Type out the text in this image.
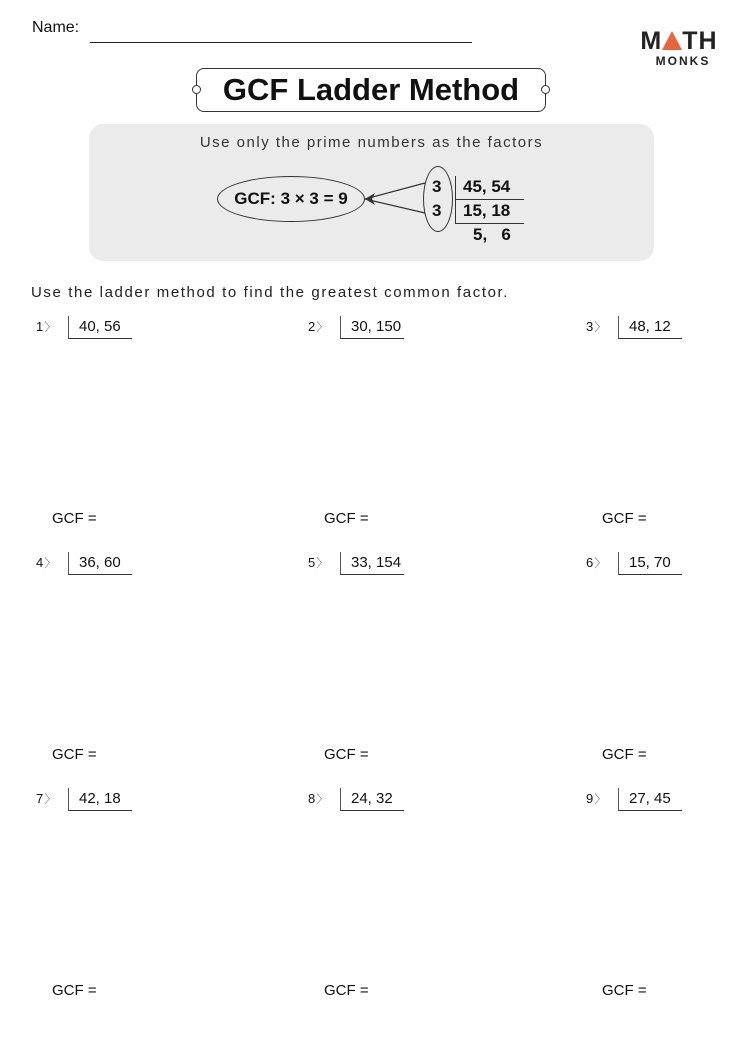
Name:	M TH
MONKS
GCF Ladder Method
Use only the prime numbers as the factors
GCF: 3 × 3 = 9
3
3
45, 54
15, 18
5,   6
Use the ladder method to find the greatest common factor.
1〉	40, 56
GCF =
2〉	30, 150
GCF =
3〉	48, 12
GCF =
4〉	36, 60
GCF =
5〉	33, 154
GCF =
6〉	15, 70
GCF =
7〉	42, 18
GCF =
8〉	24, 32
GCF =
9〉	27, 45
GCF =
